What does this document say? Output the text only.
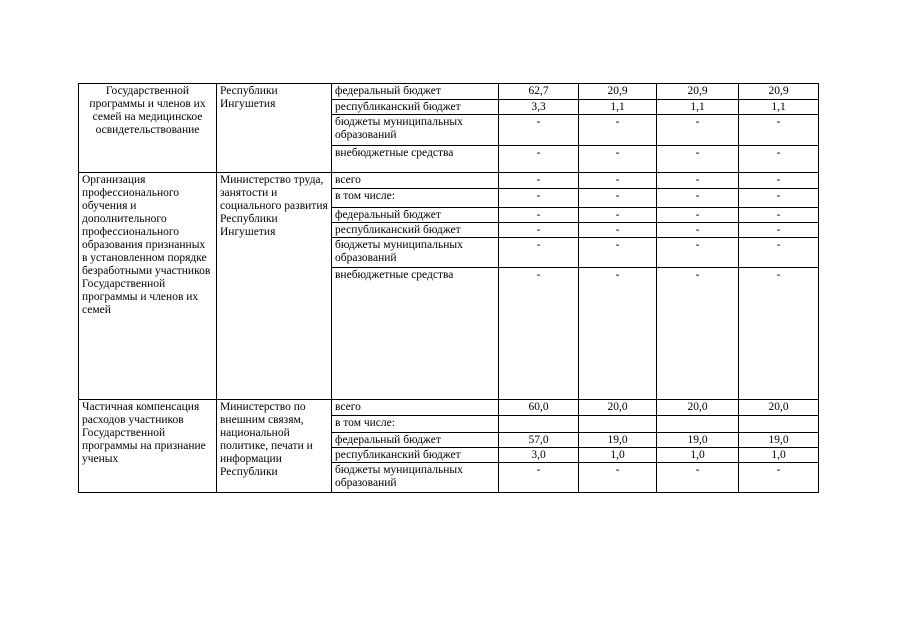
Государственной программы и членов их семей на медицинское освидетельствование	Республики Ингушетия	федеральный бюджет	62,7	20,9	20,9	20,9
		республиканский бюджет	3,3	1,1	1,1	1,1
		бюджеты муниципальных образований	-	-	-	-
		внебюджетные средства	-	-	-	-
Организация профессионального обучения и дополнительного профессионального образования признанных в установленном порядке безработными участников Государственной программы и членов их семей	Министерство труда, занятости и социального развития Республики Ингушетия	всего	-	-	-	-
		в том числе:	-	-	-	-
		федеральный бюджет	-	-	-	-
		республиканский бюджет	-	-	-	-
		бюджеты муниципальных образований	-	-	-	-
		внебюджетные средства	-	-	-	-
Частичная компенсация расходов участников Государственной программы на признание ученых	Министерство по внешним связям, национальной политике, печати и информации Республики	всего	60,0	20,0	20,0	20,0
		в том числе:				
		федеральный бюджет	57,0	19,0	19,0	19,0
		республиканский бюджет	3,0	1,0	1,0	1,0
		бюджеты муниципальных образований	-	-	-	-
